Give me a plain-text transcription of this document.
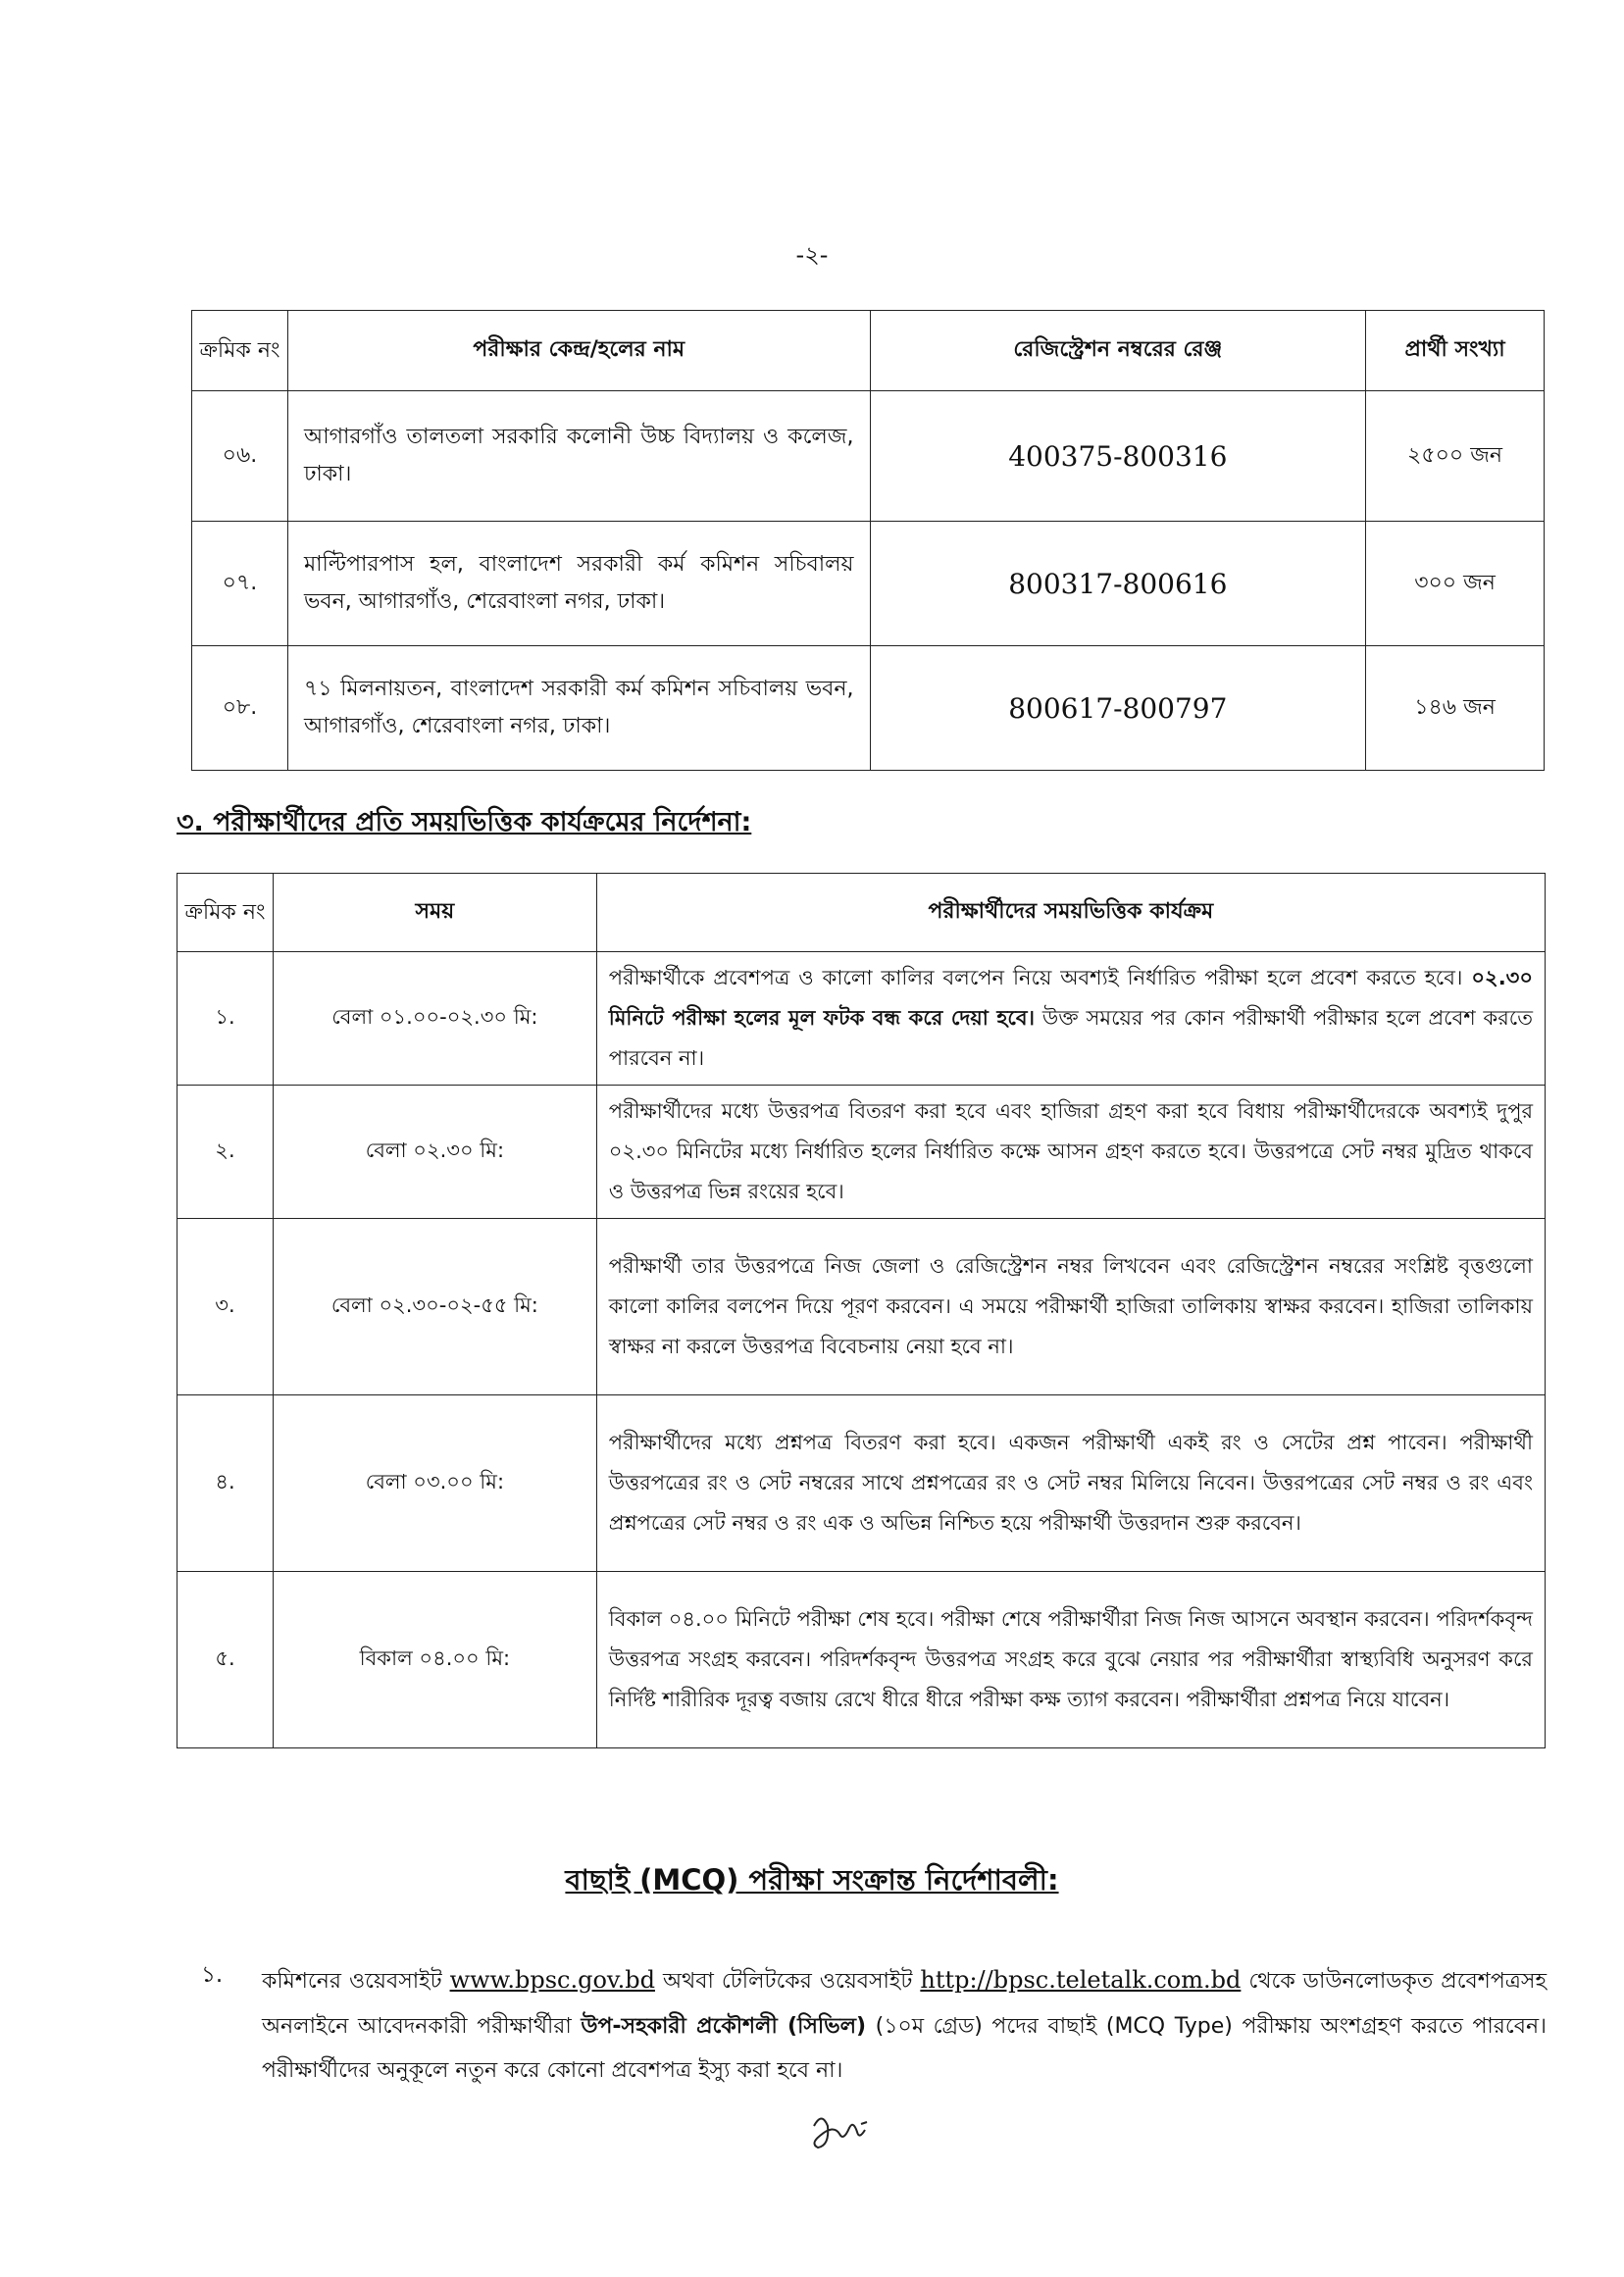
-২-
ক্রমিক নং	পরীক্ষার কেন্দ্র/হলের নাম	রেজিস্ট্রেশন নম্বরের রেঞ্জ	প্রার্থী সংখ্যা
০৬.	আগারগাঁও তালতলা সরকারি কলোনী উচ্চ বিদ্যালয় ও কলেজ, ঢাকা।	400375-800316	২৫০০ জন
০৭.	মাল্টিপারপাস হল, বাংলাদেশ সরকারী কর্ম কমিশন সচিবালয় ভবন, আগারগাঁও, শেরেবাংলা নগর, ঢাকা।	800317-800616	৩০০ জন
০৮.	৭১ মিলনায়তন, বাংলাদেশ সরকারী কর্ম কমিশন সচিবালয় ভবন, আগারগাঁও, শেরেবাংলা নগর, ঢাকা।	800617-800797	১৪৬ জন
৩. পরীক্ষার্থীদের প্রতি সময়ভিত্তিক কার্যক্রমের নির্দেশনা:
ক্রমিক নং	সময়	পরীক্ষার্থীদের সময়ভিত্তিক কার্যক্রম
১.	বেলা ০১.০০-০২.৩০ মি:	পরীক্ষার্থীকে প্রবেশপত্র ও কালো কালির বলপেন নিয়ে অবশ্যই নির্ধারিত পরীক্ষা হলে প্রবেশ করতে হবে। ০২.৩০ মিনিটে পরীক্ষা হলের মূল ফটক বন্ধ করে দেয়া হবে। উক্ত সময়ের পর কোন পরীক্ষার্থী পরীক্ষার হলে প্রবেশ করতে পারবেন না।
২.	বেলা ০২.৩০ মি:	পরীক্ষার্থীদের মধ্যে উত্তরপত্র বিতরণ করা হবে এবং হাজিরা গ্রহণ করা হবে বিধায় পরীক্ষার্থীদেরকে অবশ্যই দুপুর ০২.৩০ মিনিটের মধ্যে নির্ধারিত হলের নির্ধারিত কক্ষে আসন গ্রহণ করতে হবে। উত্তরপত্রে সেট নম্বর মুদ্রিত থাকবে ও উত্তরপত্র ভিন্ন রংয়ের হবে।
৩.	বেলা ০২.৩০-০২-৫৫ মি:	পরীক্ষার্থী তার উত্তরপত্রে নিজ জেলা ও রেজিস্ট্রেশন নম্বর লিখবেন এবং রেজিস্ট্রেশন নম্বরের সংশ্লিষ্ট বৃত্তগুলো কালো কালির বলপেন দিয়ে পূরণ করবেন। এ সময়ে পরীক্ষার্থী হাজিরা তালিকায় স্বাক্ষর করবেন। হাজিরা তালিকায় স্বাক্ষর না করলে উত্তরপত্র বিবেচনায় নেয়া হবে না।
৪.	বেলা ০৩.০০ মি:	পরীক্ষার্থীদের মধ্যে প্রশ্নপত্র বিতরণ করা হবে। একজন পরীক্ষার্থী একই রং ও সেটের প্রশ্ন পাবেন। পরীক্ষার্থী উত্তরপত্রের রং ও সেট নম্বরের সাথে প্রশ্নপত্রের রং ও সেট নম্বর মিলিয়ে নিবেন। উত্তরপত্রের সেট নম্বর ও রং এবং প্রশ্নপত্রের সেট নম্বর ও রং এক ও অভিন্ন নিশ্চিত হয়ে পরীক্ষার্থী উত্তরদান শুরু করবেন।
৫.	বিকাল ০৪.০০ মি:	বিকাল ০৪.০০ মিনিটে পরীক্ষা শেষ হবে। পরীক্ষা শেষে পরীক্ষার্থীরা নিজ নিজ আসনে অবস্থান করবেন। পরিদর্শকবৃন্দ উত্তরপত্র সংগ্রহ করবেন। পরিদর্শকবৃন্দ উত্তরপত্র সংগ্রহ করে বুঝে নেয়ার পর পরীক্ষার্থীরা স্বাস্থ্যবিধি অনুসরণ করে নির্দিষ্ট শারীরিক দূরত্ব বজায় রেখে ধীরে ধীরে পরীক্ষা কক্ষ ত্যাগ করবেন। পরীক্ষার্থীরা প্রশ্নপত্র নিয়ে যাবেন।
বাছাই (MCQ) পরীক্ষা সংক্রান্ত নির্দেশাবলী:
১. কমিশনের ওয়েবসাইট www.bpsc.gov.bd অথবা টেলিটকের ওয়েবসাইট http://bpsc.teletalk.com.bd থেকে ডাউনলোডকৃত প্রবেশপত্রসহ অনলাইনে আবেদনকারী পরীক্ষার্থীরা উপ-সহকারী প্রকৌশলী (সিভিল) (১০ম গ্রেড) পদের বাছাই (MCQ Type) পরীক্ষায় অংশগ্রহণ করতে পারবেন। পরীক্ষার্থীদের অনুকূলে নতুন করে কোনো প্রবেশপত্র ইস্যু করা হবে না।
